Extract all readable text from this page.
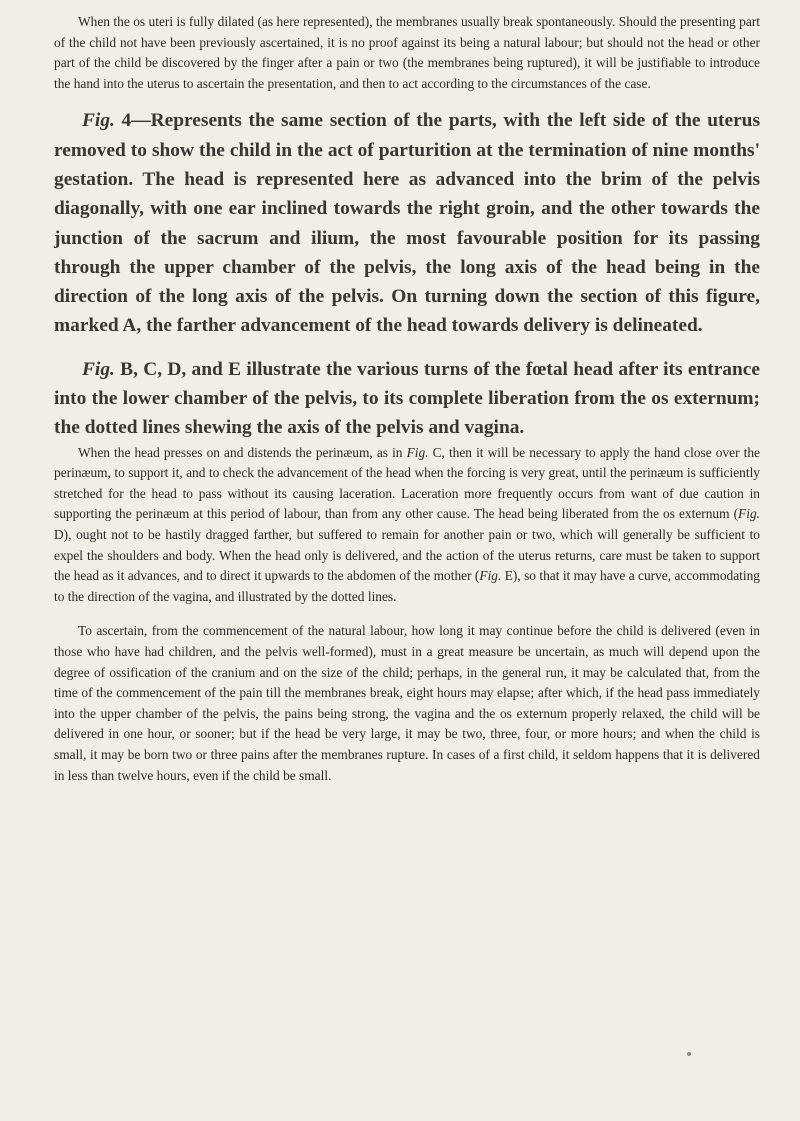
When the os uteri is fully dilated (as here represented), the membranes usually break spontaneously. Should the presenting part of the child not have been previously ascertained, it is no proof against its being a natural labour; but should not the head or other part of the child be discovered by the finger after a pain or two (the membranes being ruptured), it will be justifiable to introduce the hand into the uterus to ascertain the presentation, and then to act according to the circumstances of the case.

Fig. 4—Represents the same section of the parts, with the left side of the uterus removed to show the child in the act of parturition at the termination of nine months' gestation. The head is represented here as advanced into the brim of the pelvis diagonally, with one ear inclined towards the right groin, and the other towards the junction of the sacrum and ilium, the most favourable position for its passing through the upper chamber of the pelvis, the long axis of the head being in the direction of the long axis of the pelvis. On turning down the section of this figure, marked A, the farther advancement of the head towards delivery is delineated.

Fig. B, C, D, and E illustrate the various turns of the fœtal head after its entrance into the lower chamber of the pelvis, to its complete liberation from the os externum; the dotted lines shewing the axis of the pelvis and vagina.

When the head presses on and distends the perinæum, as in Fig. C, then it will be necessary to apply the hand close over the perinæum, to support it, and to check the advancement of the head when the forcing is very great, until the perinæum is sufficiently stretched for the head to pass without its causing laceration. Laceration more frequently occurs from want of due caution in supporting the perinæum at this period of labour, than from any other cause. The head being liberated from the os externum (Fig. D), ought not to be hastily dragged farther, but suffered to remain for another pain or two, which will generally be sufficient to expel the shoulders and body. When the head only is delivered, and the action of the uterus returns, care must be taken to support the head as it advances, and to direct it upwards to the abdomen of the mother (Fig. E), so that it may have a curve, accommodating to the direction of the vagina, and illustrated by the dotted lines.

To ascertain, from the commencement of the natural labour, how long it may continue before the child is delivered (even in those who have had children, and the pelvis well-formed), must in a great measure be uncertain, as much will depend upon the degree of ossification of the cranium and on the size of the child; perhaps, in the general run, it may be calculated that, from the time of the commencement of the pain till the membranes break, eight hours may elapse; after which, if the head pass immediately into the upper chamber of the pelvis, the pains being strong, the vagina and the os externum properly relaxed, the child will be delivered in one hour, or sooner; but if the head be very large, it may be two, three, four, or more hours; and when the child is small, it may be born two or three pains after the membranes rupture. In cases of a first child, it seldom happens that it is delivered in less than twelve hours, even if the child be small.
